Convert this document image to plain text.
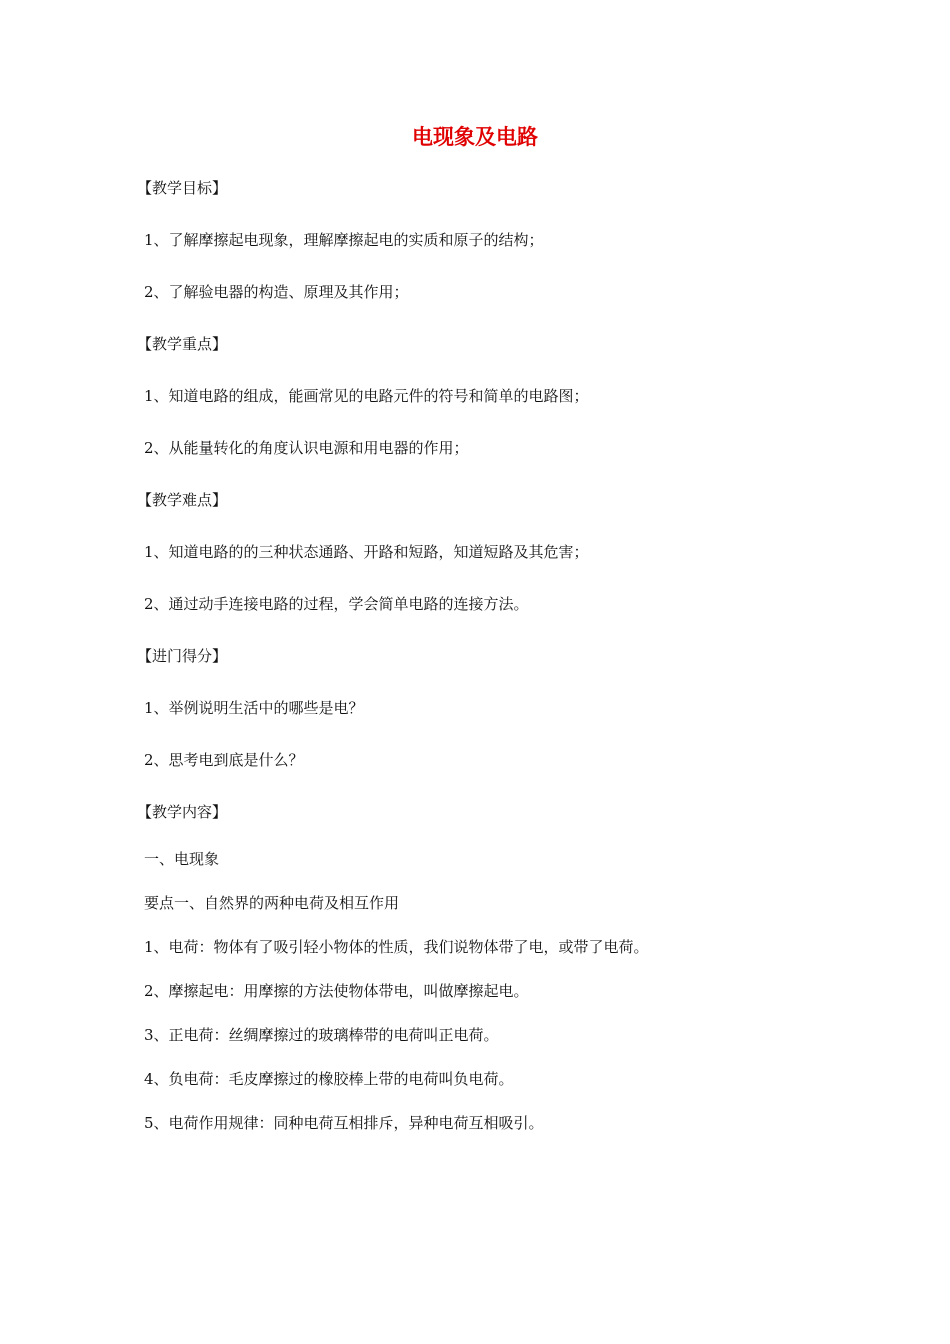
电现象及电路
【教学目标】
1、了解摩擦起电现象，理解摩擦起电的实质和原子的结构；
2、了解验电器的构造、原理及其作用；
【教学重点】
1、知道电路的组成，能画常见的电路元件的符号和简单的电路图；
2、从能量转化的角度认识电源和用电器的作用；
【教学难点】
1、知道电路的的三种状态通路、开路和短路，知道短路及其危害；
2、通过动手连接电路的过程，学会简单电路的连接方法。
【进门得分】
1、举例说明生活中的哪些是电？
2、思考电到底是什么？
【教学内容】
一、电现象
要点一、自然界的两种电荷及相互作用
1、电荷：物体有了吸引轻小物体的性质，我们说物体带了电，或带了电荷。
2、摩擦起电：用摩擦的方法使物体带电，叫做摩擦起电。
3、正电荷：丝绸摩擦过的玻璃棒带的电荷叫正电荷。
4、负电荷：毛皮摩擦过的橡胶棒上带的电荷叫负电荷。
5、电荷作用规律：同种电荷互相排斥，异种电荷互相吸引。
